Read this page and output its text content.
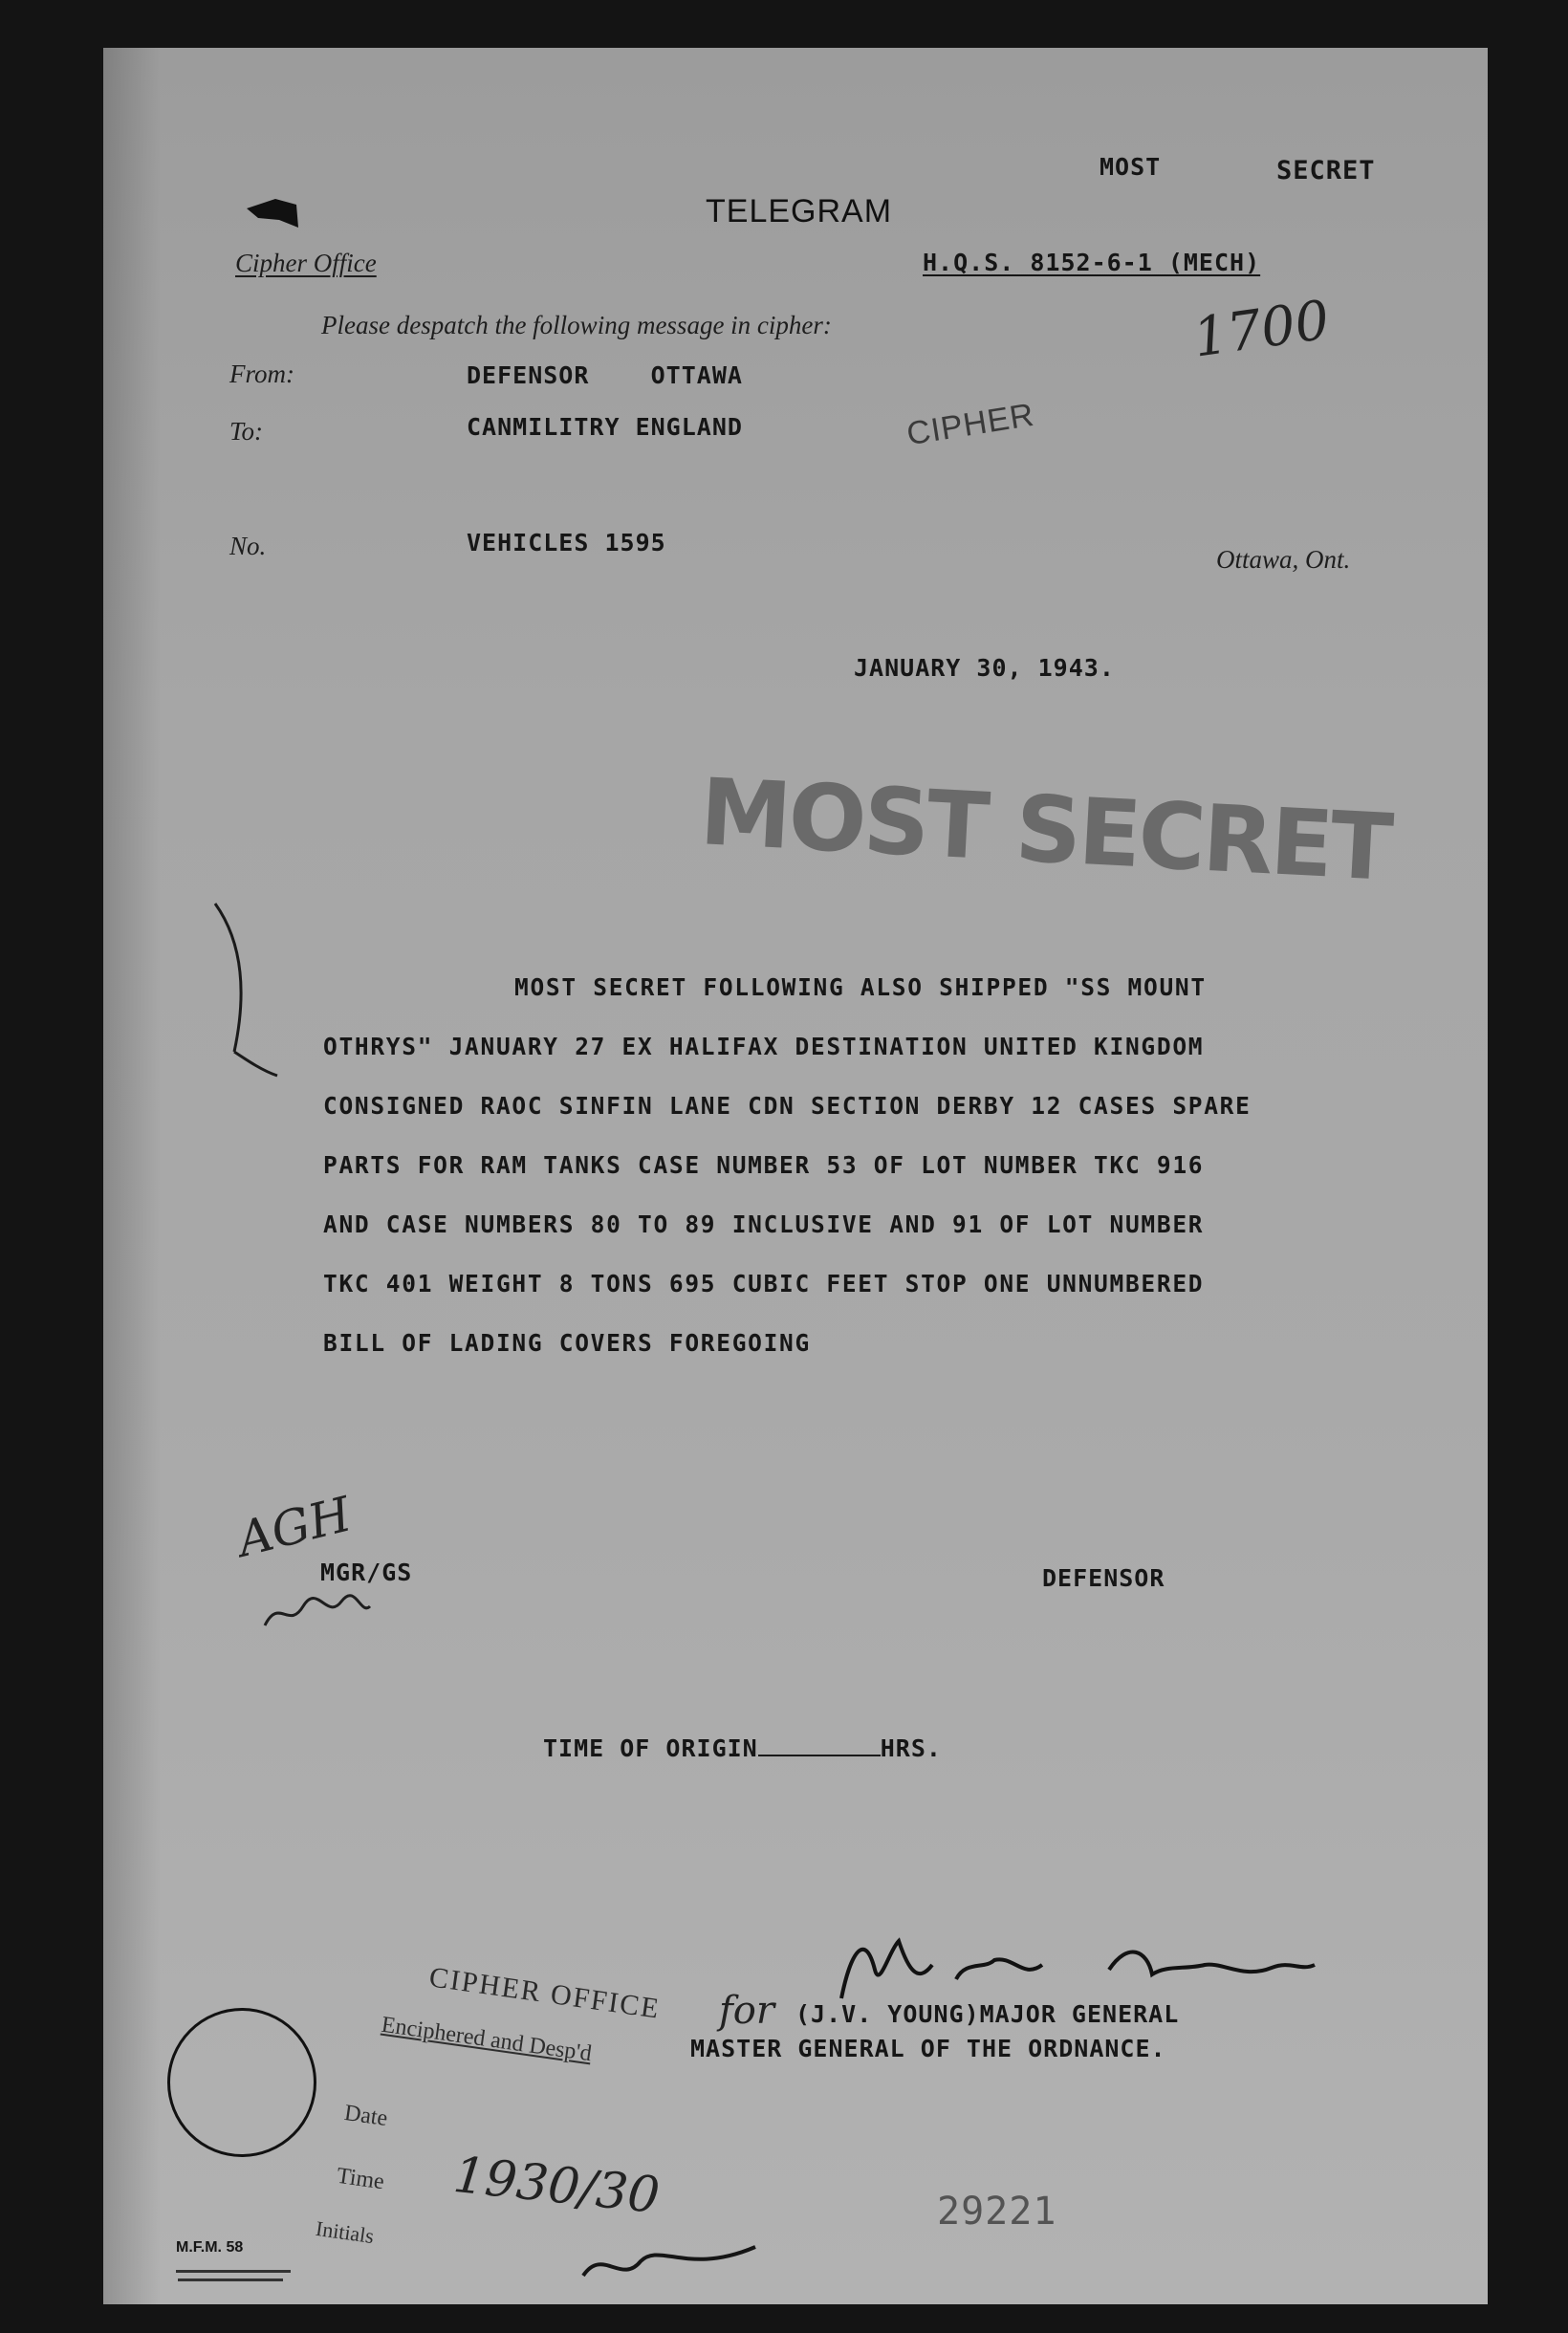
MOST	SECRET
TELEGRAM
Cipher Office	H.Q.S. 8152-6-1 (MECH)

1700
Please despatch the following message in cipher:
From:	DEFENSOR    OTTAWA
To:	CANMILITRY ENGLAND	CIPHER
No.	VEHICLES 1595
Ottawa, Ont.
JANUARY 30, 1943.
MOST SECRET
MOST SECRET FOLLOWING ALSO SHIPPED "SS MOUNT
OTHRYS" JANUARY 27 EX HALIFAX DESTINATION UNITED KINGDOM
CONSIGNED RAOC SINFIN LANE CDN SECTION DERBY 12 CASES SPARE
PARTS FOR RAM TANKS CASE NUMBER 53 OF LOT NUMBER TKC 916
AND CASE NUMBERS 80 TO 89 INCLUSIVE AND 91 OF LOT NUMBER
TKC 401 WEIGHT 8 TONS 695 CUBIC FEET STOP ONE UNNUMBERED
BILL OF LADING COVERS FOREGOING
AGH
MGR/GS	DEFENSOR
TIME OF ORIGIN	HRS.
for (J.V. YOUNG)MAJOR GENERAL
MASTER GENERAL OF THE ORDNANCE.
CIPHER OFFICE
Enciphered and Desp'd
Date
Time 1930/30
Initials	29221
M.F.M. 58
